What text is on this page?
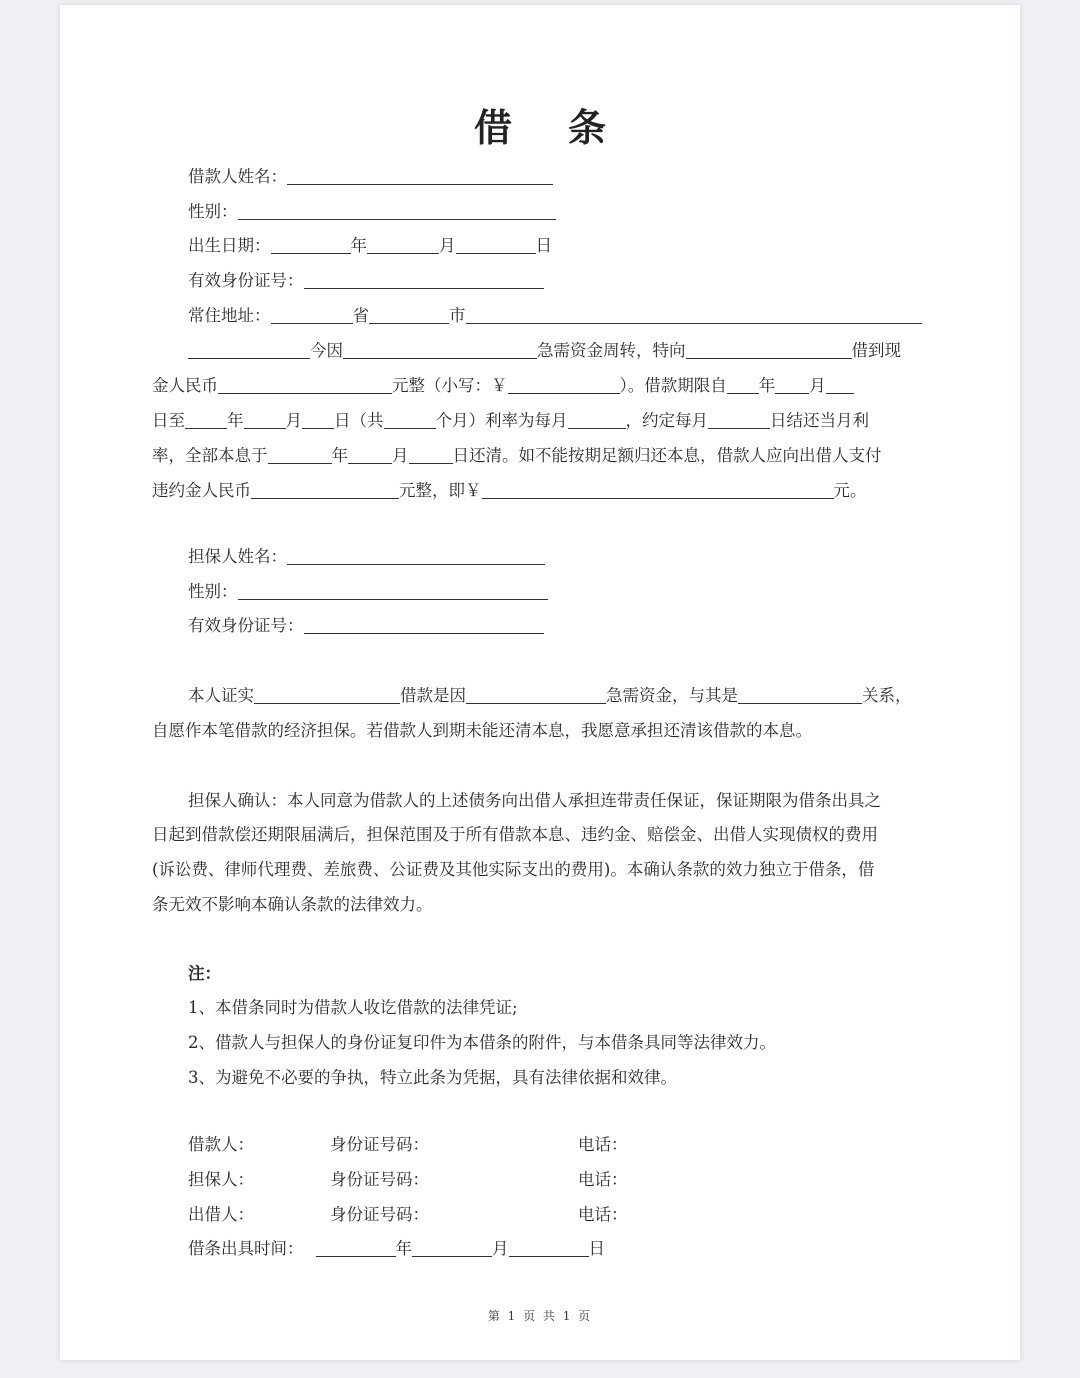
借 条
借款人姓名：
性别：
出生日期：	年	月	日
有效身份证号：
常住地址：	省	市
今因	急需资金周转，特向	借到现
金人民币	元整（小写：￥	）。借款期限自 年 月
日至	年	月 日（共	个月）利率为每月	，约定每月	日结还当月利
率，全部本息于	年	月	日还清。如不能按期足额归还本息，借款人应向出借人支付
违约金人民币	元整，即￥	元。
担保人姓名：
性别：
有效身份证号：
本人证实	借款是因	急需资金，与其是	关系，
自愿作本笔借款的经济担保。若借款人到期未能还清本息，我愿意承担还清该借款的本息。
担保人确认：本人同意为借款人的上述债务向出借人承担连带责任保证，保证期限为借条出具之
日起到借款偿还期限届满后，担保范围及于所有借款本息、违约金、赔偿金、出借人实现债权的费用
(诉讼费、律师代理费、差旅费、公证费及其他实际支出的费用)。本确认条款的效力独立于借条，借
条无效不影响本确认条款的法律效力。
注：
1、本借条同时为借款人收讫借款的法律凭证;
2、借款人与担保人的身份证复印件为本借条的附件，与本借条具同等法律效力。
3、为避免不必要的争执，特立此条为凭据，具有法律依据和效律。
借款人：	身份证号码：	电话：
担保人：	身份证号码：	电话：
出借人：	身份证号码：	电话：
借条出具时间：	年	月	日
第 1 页 共 1 页
